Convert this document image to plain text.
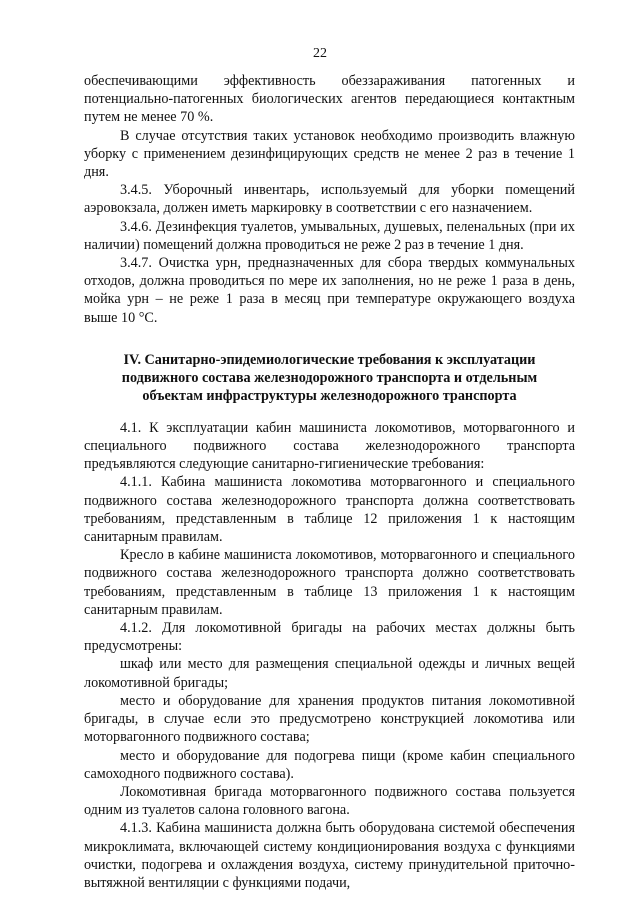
22

обеспечивающими эффективность обеззараживания патогенных и потенциально-патогенных биологических агентов передающиеся контактным путем не менее 70 %.

В случае отсутствия таких установок необходимо производить влажную уборку с применением дезинфицирующих средств не менее 2 раз в течение 1 дня.

3.4.5. Уборочный инвентарь, используемый для уборки помещений аэровокзала, должен иметь маркировку в соответствии с его назначением.

3.4.6. Дезинфекция туалетов, умывальных, душевых, пеленальных (при их наличии) помещений должна проводиться не реже 2 раз в течение 1 дня.

3.4.7. Очистка урн, предназначенных для сбора твердых коммунальных отходов, должна проводиться по мере их заполнения, но не реже 1 раза в день, мойка урн – не реже 1 раза в месяц при температуре окружающего воздуха выше 10 °С.

IV. Санитарно-эпидемиологические требования к эксплуатации подвижного состава железнодорожного транспорта и отдельным объектам инфраструктуры железнодорожного транспорта

4.1. К эксплуатации кабин машиниста локомотивов, моторвагонного и специального подвижного состава железнодорожного транспорта предъявляются следующие санитарно-гигиенические требования:

4.1.1. Кабина машиниста локомотива моторвагонного и специального подвижного состава железнодорожного транспорта должна соответствовать требованиям, представленным в таблице 12 приложения 1 к настоящим санитарным правилам.

Кресло в кабине машиниста локомотивов, моторвагонного и специального подвижного состава железнодорожного транспорта должно соответствовать требованиям, представленным в таблице 13 приложения 1 к настоящим санитарным правилам.

4.1.2. Для локомотивной бригады на рабочих местах должны быть предусмотрены:

шкаф или место для размещения специальной одежды и личных вещей локомотивной бригады;

место и оборудование для хранения продуктов питания локомотивной бригады, в случае если это предусмотрено конструкцией локомотива или моторвагонного подвижного состава;

место и оборудование для подогрева пищи (кроме кабин специального самоходного подвижного состава).

Локомотивная бригада моторвагонного подвижного состава пользуется одним из туалетов салона головного вагона.

4.1.3. Кабина машиниста должна быть оборудована системой обеспечения микроклимата, включающей систему кондиционирования воздуха с функциями очистки, подогрева и охлаждения воздуха, систему принудительной приточно-вытяжной вентиляции с функциями подачи,
